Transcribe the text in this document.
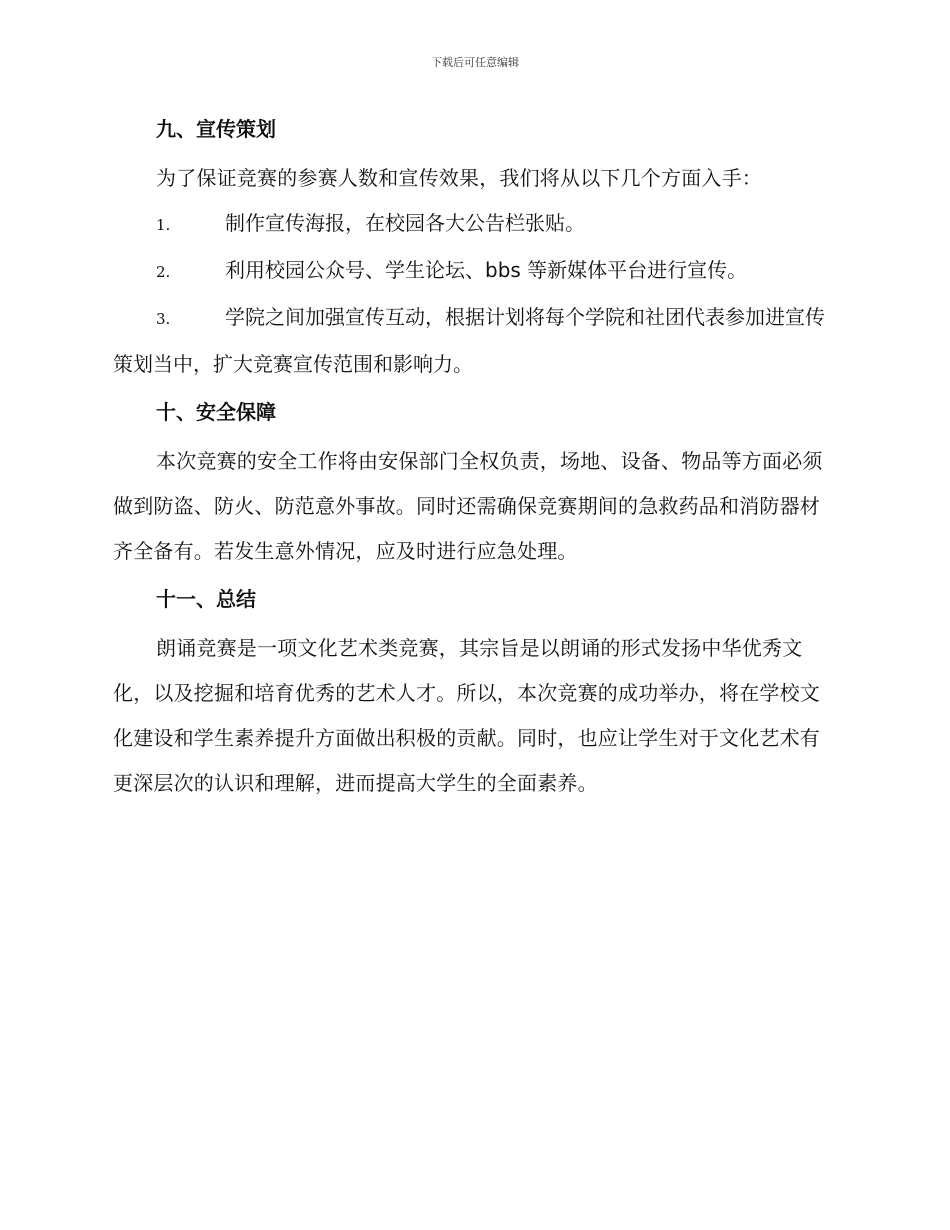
下载后可任意编辑
九、宣传策划

为了保证竞赛的参赛人数和宣传效果，我们将从以下几个方面入手：

1.	制作宣传海报，在校园各大公告栏张贴。

2.	利用校园公众号、学生论坛、bbs 等新媒体平台进行宣传。

3.	学院之间加强宣传互动，根据计划将每个学院和社团代表参加进宣传策划当中，扩大竞赛宣传范围和影响力。

十、安全保障

本次竞赛的安全工作将由安保部门全权负责，场地、设备、物品等方面必须做到防盗、防火、防范意外事故。同时还需确保竞赛期间的急救药品和消防器材齐全备有。若发生意外情况，应及时进行应急处理。

十一、总结

朗诵竞赛是一项文化艺术类竞赛，其宗旨是以朗诵的形式发扬中华优秀文化，以及挖掘和培育优秀的艺术人才。所以，本次竞赛的成功举办，将在学校文化建设和学生素养提升方面做出积极的贡献。同时，也应让学生对于文化艺术有更深层次的认识和理解，进而提高大学生的全面素养。
